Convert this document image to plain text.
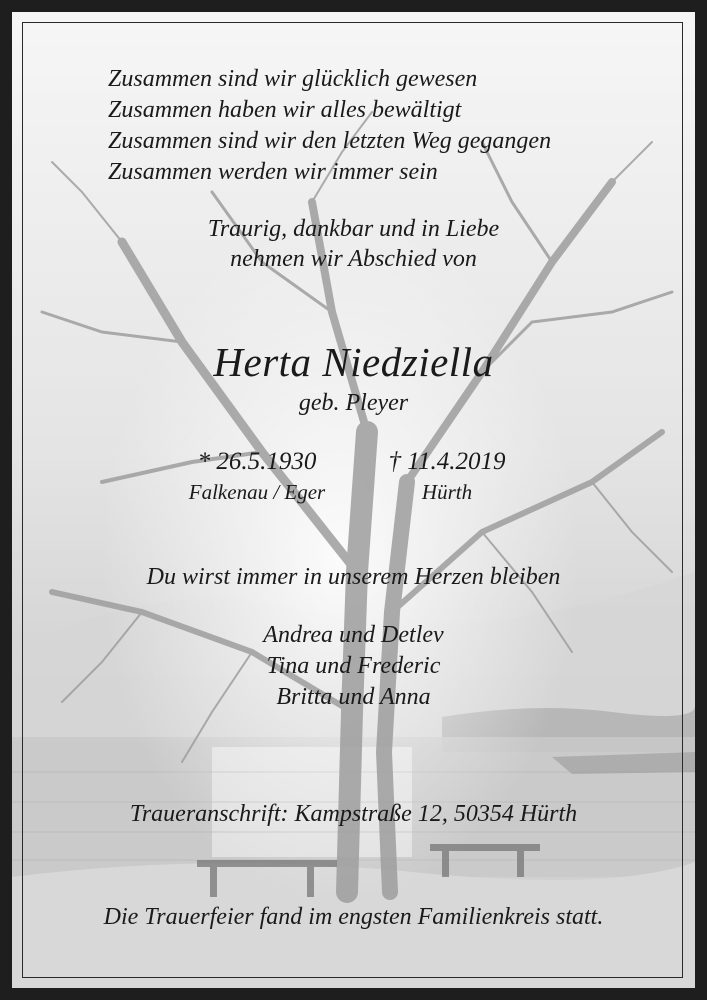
Zusammen sind wir glücklich gewesen
Zusammen haben wir alles bewältigt
Zusammen sind wir den letzten Weg gegangen
Zusammen werden wir immer sein
Traurig, dankbar und in Liebe
nehmen wir Abschied von
Herta Niedziella
geb. Pleyer
* 26.5.1930
Falkenau / Eger
† 11.4.2019
Hürth
Du wirst immer in unserem Herzen bleiben
Andrea und Detlev
Tina und Frederic
Britta und Anna
Traueranschrift: Kampstraße 12, 50354 Hürth
Die Trauerfeier fand im engsten Familienkreis statt.
